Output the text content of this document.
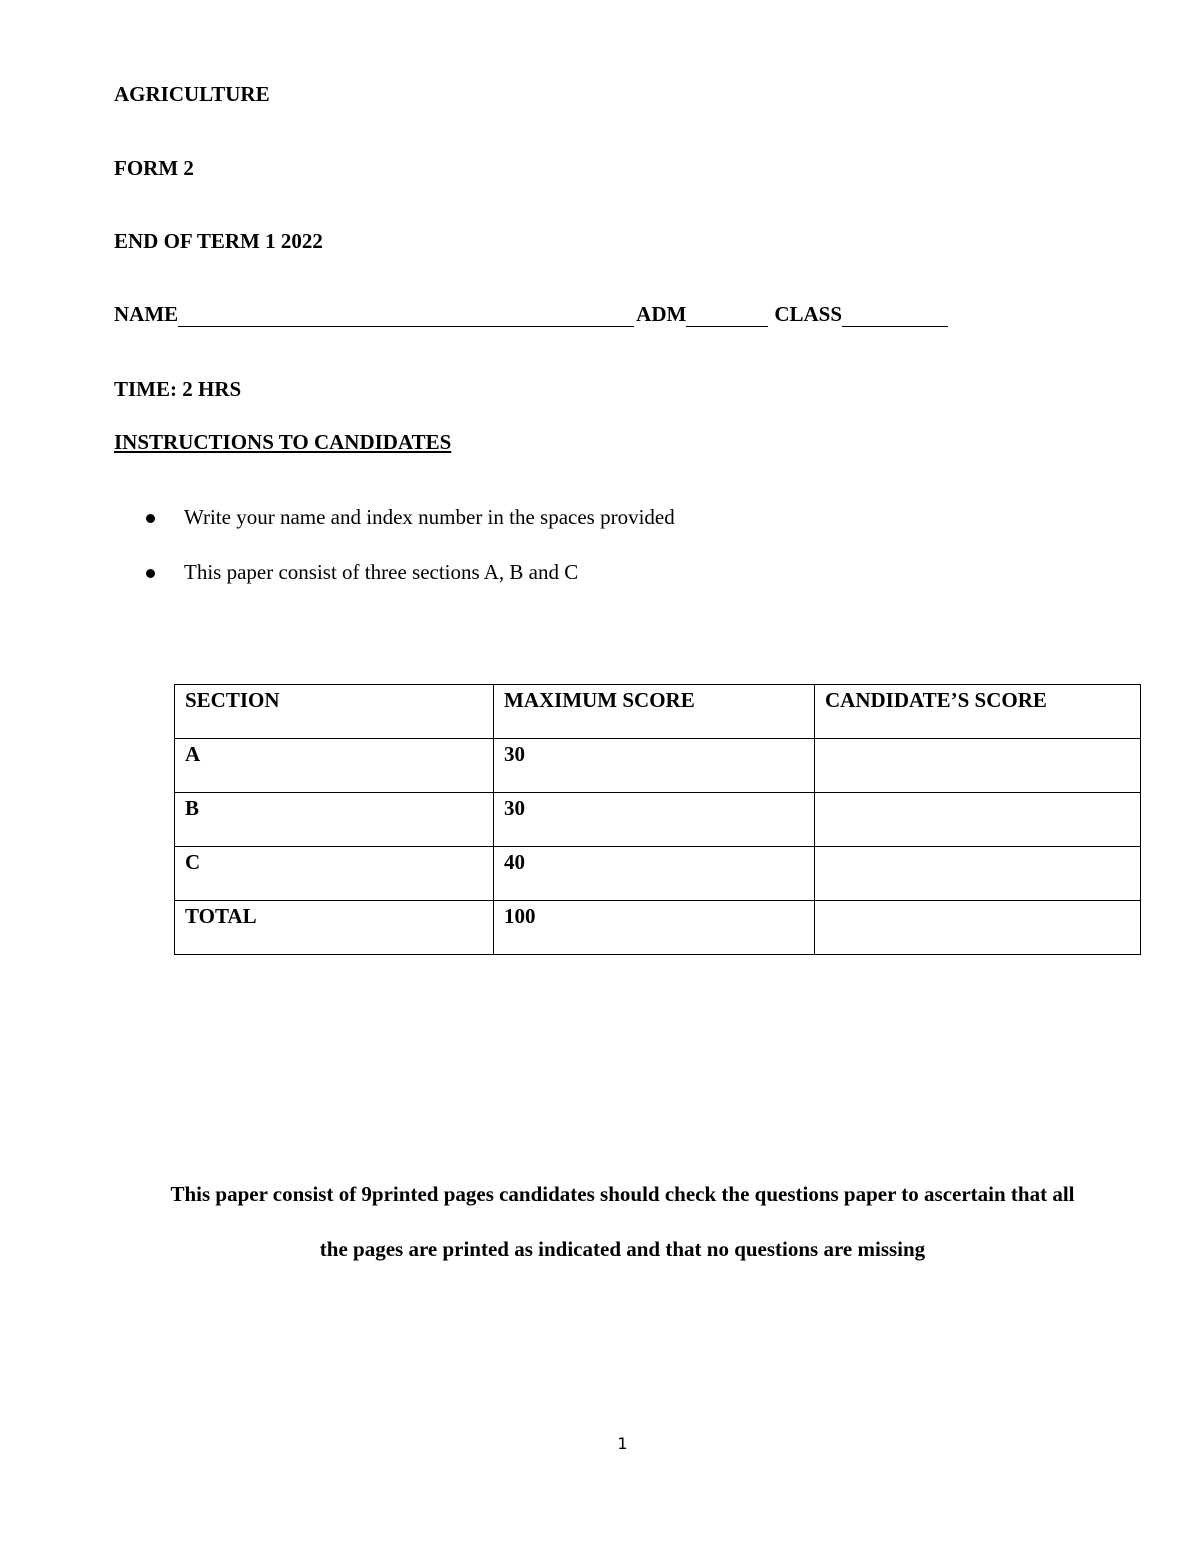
AGRICULTURE
FORM 2
END OF TERM 1 2022
NAME	ADM	CLASS
TIME: 2 HRS
INSTRUCTIONS TO CANDIDATES
Write your name and index number in the spaces provided
This paper consist of three sections A, B and C
SECTION	MAXIMUM SCORE	CANDIDATE’S SCORE
A	30	
B	30	
C	40	
TOTAL	100	
This paper consist of 9printed pages candidates should check the questions paper to ascertain that all
the pages are printed as indicated and that no questions are missing
1
